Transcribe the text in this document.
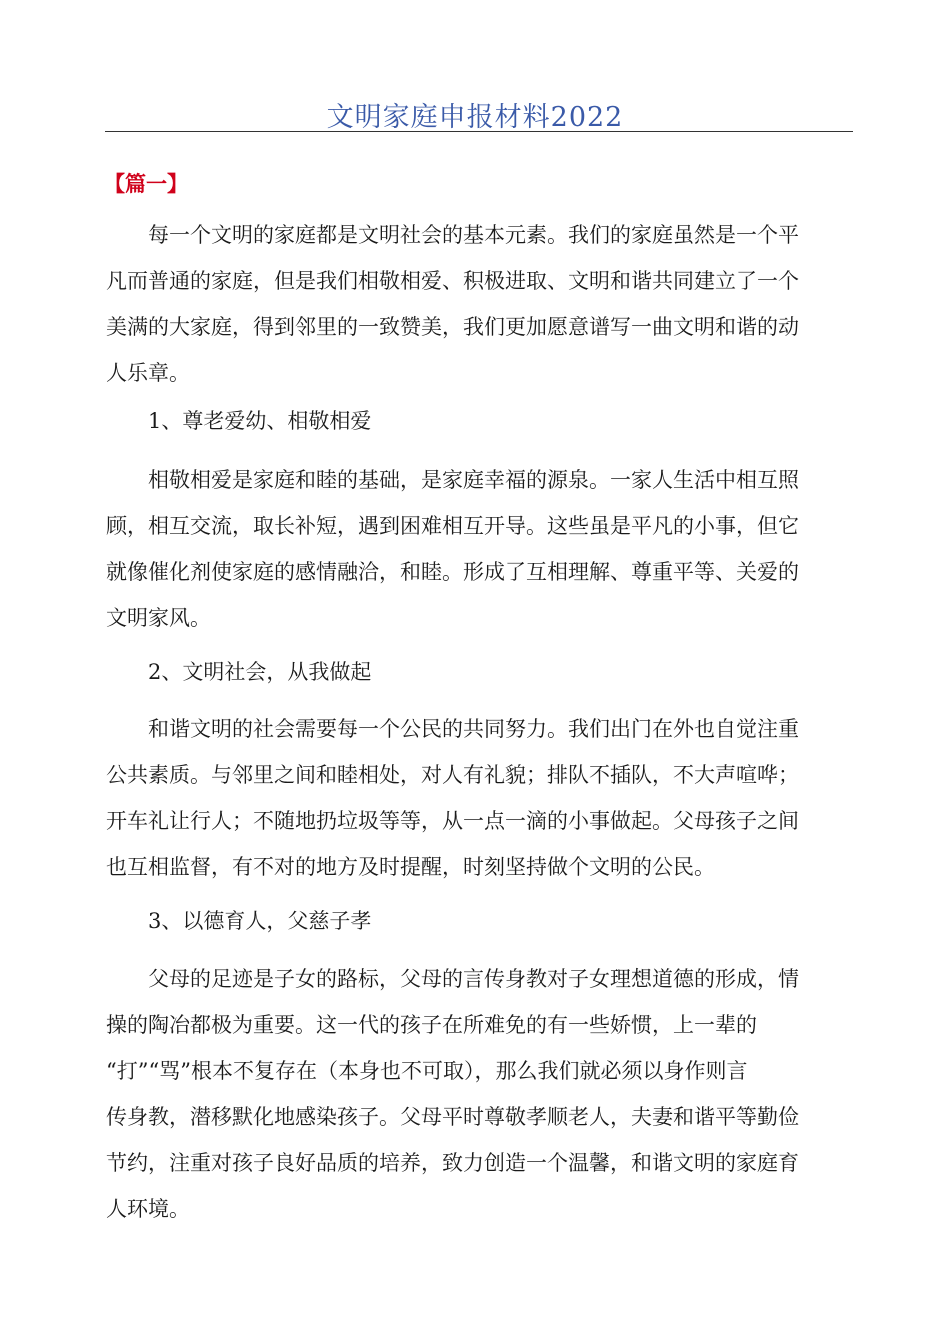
文明家庭申报材料2022
【篇一】

每一个文明的家庭都是文明社会的基本元素。我们的家庭虽然是一个平
凡而普通的家庭，但是我们相敬相爱、积极进取、文明和谐共同建立了一个
美满的大家庭，得到邻里的一致赞美，我们更加愿意谱写一曲文明和谐的动
人乐章。

1、尊老爱幼、相敬相爱

相敬相爱是家庭和睦的基础，是家庭幸福的源泉。一家人生活中相互照
顾，相互交流，取长补短，遇到困难相互开导。这些虽是平凡的小事，但它
就像催化剂使家庭的感情融洽，和睦。形成了互相理解、尊重平等、关爱的
文明家风。

2、文明社会，从我做起

和谐文明的社会需要每一个公民的共同努力。我们出门在外也自觉注重
公共素质。与邻里之间和睦相处，对人有礼貌；排队不插队，不大声喧哗；
开车礼让行人；不随地扔垃圾等等，从一点一滴的小事做起。父母孩子之间
也互相监督，有不对的地方及时提醒，时刻坚持做个文明的公民。

3、以德育人，父慈子孝

父母的足迹是子女的路标，父母的言传身教对子女理想道德的形成，情
操的陶冶都极为重要。这一代的孩子在所难免的有一些娇惯，上一辈的
“打”“骂”根本不复存在（本身也不可取），那么我们就必须以身作则言
传身教，潜移默化地感染孩子。父母平时尊敬孝顺老人，夫妻和谐平等勤俭
节约，注重对孩子良好品质的培养，致力创造一个温馨，和谐文明的家庭育
人环境。
